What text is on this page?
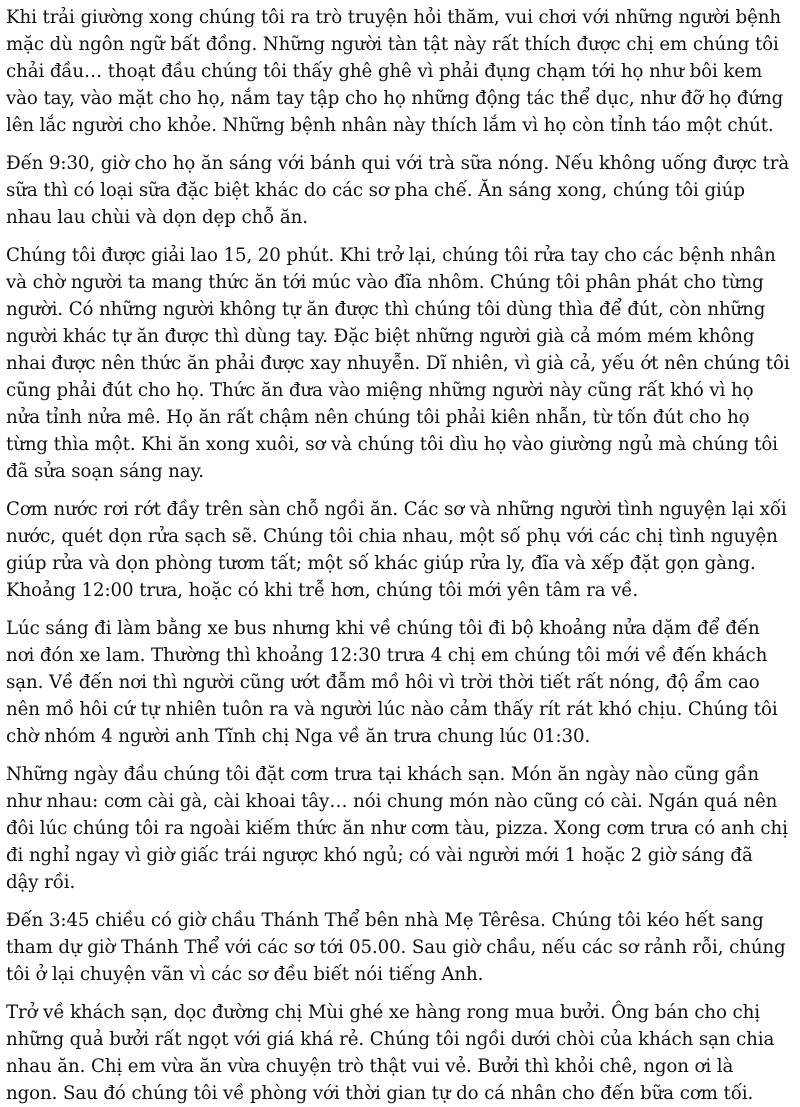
Khi trải giường xong chúng tôi ra trò truyện hỏi thăm, vui chơi với những người bệnh mặc dù ngôn ngữ bất đồng. Những người tàn tật này rất thích được chị em chúng tôi chải đầu… thoạt đầu chúng tôi thấy ghê ghê vì phải đụng chạm tới họ như bôi kem vào tay, vào mặt cho họ, nắm tay tập cho họ những động tác thể dục, như đỡ họ đứng lên lắc người cho khỏe. Những bệnh nhân này thích lắm vì họ còn tỉnh táo một chút.

Đến 9:30, giờ cho họ ăn sáng với bánh qui với trà sữa nóng. Nếu không uống được trà sữa thì có loại sữa đặc biệt khác do các sơ pha chế. Ăn sáng xong, chúng tôi giúp nhau lau chùi và dọn dẹp chỗ ăn.

Chúng tôi được giải lao 15, 20 phút. Khi trở lại, chúng tôi rửa tay cho các bệnh nhân và chờ người ta mang thức ăn tới múc vào đĩa nhôm. Chúng tôi phân phát cho từng người. Có những người không tự ăn được thì chúng tôi dùng thìa để đút, còn những người khác tự ăn được thì dùng tay. Đặc biệt những người già cả móm mém không nhai được nên thức ăn phải được xay nhuyễn. Dĩ nhiên, vì già cả, yếu ớt nên chúng tôi cũng phải đút cho họ. Thức ăn đưa vào miệng những người này cũng rất khó vì họ nửa tỉnh nửa mê. Họ ăn rất chậm nên chúng tôi phải kiên nhẫn, từ tốn đút cho họ từng thìa một. Khi ăn xong xuôi, sơ và chúng tôi dìu họ vào giường ngủ mà chúng tôi đã sửa soạn sáng nay.

Cơm nước rơi rớt đầy trên sàn chỗ ngồi ăn. Các sơ và những người tình nguyện lại xối nước, quét dọn rửa sạch sẽ. Chúng tôi chia nhau, một số phụ với các chị tình nguyện giúp rửa và dọn phòng tươm tất; một số khác giúp rửa ly, đĩa và xếp đặt gọn gàng. Khoảng 12:00 trưa, hoặc có khi trễ hơn, chúng tôi mới yên tâm ra về.

Lúc sáng đi làm bằng xe bus nhưng khi về chúng tôi đi bộ khoảng nửa dặm để đến nơi đón xe lam. Thường thì khoảng 12:30 trưa 4 chị em chúng tôi mới về đến khách sạn. Về đến nơi thì người cũng ướt đẫm mồ hôi vì trời thời tiết rất nóng, độ ẩm cao nên mồ hôi cứ tự nhiên tuôn ra và người lúc nào cảm thấy rít rát khó chịu. Chúng tôi chờ nhóm 4 người anh Tĩnh chị Nga về ăn trưa chung lúc 01:30.

Những ngày đầu chúng tôi đặt cơm trưa tại khách sạn. Món ăn ngày nào cũng gần như nhau: cơm cài gà, cài khoai tây… nói chung món nào cũng có cài. Ngán quá nên đôi lúc chúng tôi ra ngoài kiếm thức ăn như cơm tàu, pizza. Xong cơm trưa có anh chị đi nghỉ ngay vì giờ giấc trái ngược khó ngủ; có vài người mới 1 hoặc 2 giờ sáng đã dậy rồi.

Đến 3:45 chiều có giờ chầu Thánh Thể bên nhà Mẹ Têrêsa. Chúng tôi kéo hết sang tham dự giờ Thánh Thể với các sơ tới 05.00. Sau giờ chầu, nếu các sơ rảnh rỗi, chúng tôi ở lại chuyện vãn vì các sơ đều biết nói tiếng Anh.

Trở về khách sạn, dọc đường chị Mùi ghé xe hàng rong mua bưởi. Ông bán cho chị những quả bưởi rất ngọt với giá khá rẻ. Chúng tôi ngồi dưới chòi của khách sạn chia nhau ăn. Chị em vừa ăn vừa chuyện trò thật vui vẻ. Bưởi thì khỏi chê, ngon ơi là ngon. Sau đó chúng tôi về phòng với thời gian tự do cá nhân cho đến bữa cơm tối.
